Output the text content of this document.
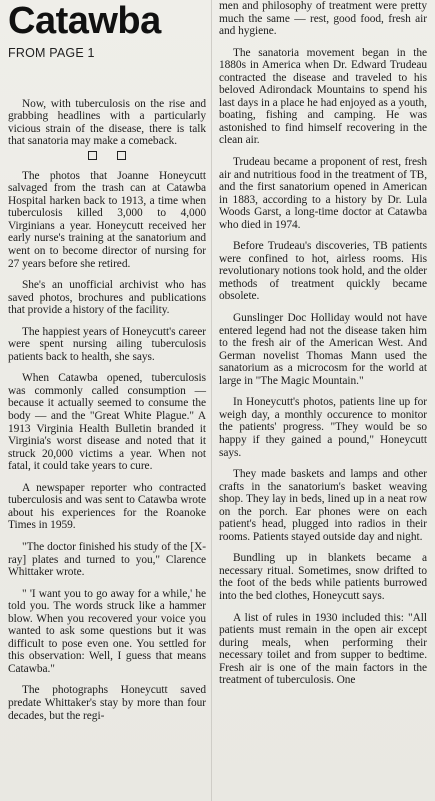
Catawba
FROM PAGE 1

Now, with tuberculosis on the rise and grabbing headlines with a particularly vicious strain of the disease, there is talk that sanatoria may make a comeback.

The photos that Joanne Honeycutt salvaged from the trash can at Catawba Hospital harken back to 1913, a time when tuberculosis killed 3,000 to 4,000 Virginians a year. Honeycutt received her early nurse's training at the sanatorium and went on to become director of nursing for 27 years before she retired.

She's an unofficial archivist who has saved photos, brochures and publications that provide a history of the facility.

The happiest years of Honeycutt's career were spent nursing ailing tuberculosis patients back to health, she says.

When Catawba opened, tuberculosis was commonly called consumption — because it actually seemed to consume the body — and the "Great White Plague." A 1913 Virginia Health Bulletin branded it Virginia's worst disease and noted that it struck 20,000 victims a year. When not fatal, it could take years to cure.

A newspaper reporter who contracted tuberculosis and was sent to Catawba wrote about his experiences for the Roanoke Times in 1959.

"The doctor finished his study of the [X-ray] plates and turned to you," Clarence Whittaker wrote.

" 'I want you to go away for a while,' he told you. The words struck like a hammer blow. When you recovered your voice you wanted to ask some questions but it was difficult to pose even one. You settled for this observation: Well, I guess that means Catawba."

The photographs Honeycutt saved predate Whittaker's stay by more than four decades, but the regi-

men and philosophy of treatment were pretty much the same — rest, good food, fresh air and hygiene.

The sanatoria movement began in the 1880s in America when Dr. Edward Trudeau contracted the disease and traveled to his beloved Adirondack Mountains to spend his last days in a place he had enjoyed as a youth, boating, fishing and camping. He was astonished to find himself recovering in the clean air.

Trudeau became a proponent of rest, fresh air and nutritious food in the treatment of TB, and the first sanatorium opened in American in 1883, according to a history by Dr. Lula Woods Garst, a long-time doctor at Catawba who died in 1974.

Before Trudeau's discoveries, TB patients were confined to hot, airless rooms. His revolutionary notions took hold, and the older methods of treatment quickly became obsolete.

Gunslinger Doc Holliday would not have entered legend had not the disease taken him to the fresh air of the American West. And German novelist Thomas Mann used the sanatorium as a microcosm for the world at large in "The Magic Mountain."

In Honeycutt's photos, patients line up for weigh day, a monthly occurence to monitor the patients' progress. "They would be so happy if they gained a pound," Honeycutt says.

They made baskets and lamps and other crafts in the sanatorium's basket weaving shop. They lay in beds, lined up in a neat row on the porch. Ear phones were on each patient's head, plugged into radios in their rooms. Patients stayed outside day and night.

Bundling up in blankets became a necessary ritual. Sometimes, snow drifted to the foot of the beds while patients burrowed into the bed clothes, Honeycutt says.

A list of rules in 1930 included this: "All patients must remain in the open air except during meals, when performing their necessary toilet and from supper to bedtime. Fresh air is one of the main factors in the treatment of tuberculosis. One
